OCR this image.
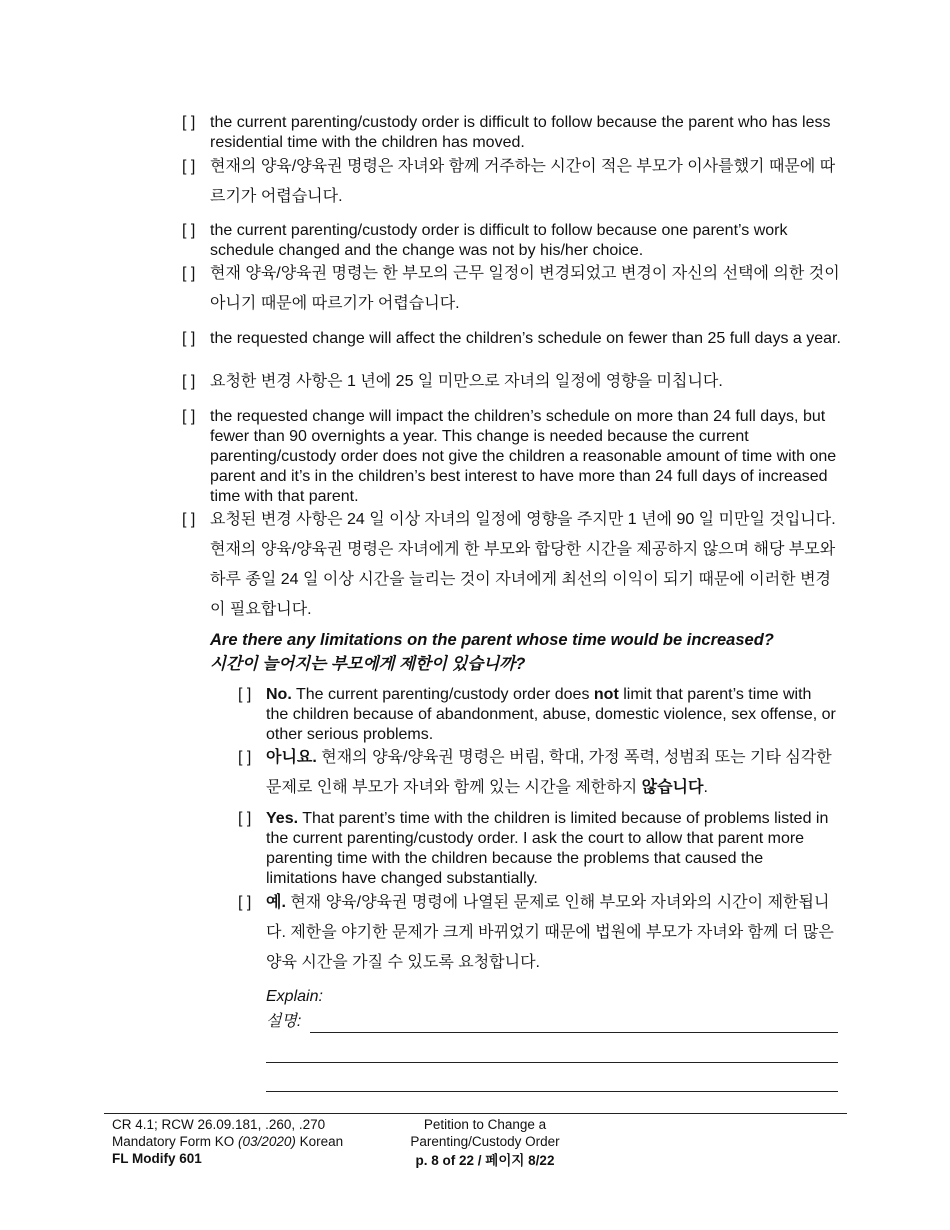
[ ] the current parenting/custody order is difficult to follow because the parent who has less residential time with the children has moved.
[ ] 현재의 양육/양육권 명령은 자녀와 함께 거주하는 시간이 적은 부모가 이사를했기 때문에 따르기가 어렵습니다.
[ ] the current parenting/custody order is difficult to follow because one parent’s work schedule changed and the change was not by his/her choice.
[ ] 현재 양육/양육권 명령는 한 부모의 근무 일정이 변경되었고 변경이 자신의 선택에 의한 것이 아니기 때문에 따르기가 어렵습니다.
[ ] the requested change will affect the children’s schedule on fewer than 25 full days a year.
[ ] 요청한 변경 사항은 1 년에 25 일 미만으로 자녀의 일정에 영향을 미칩니다.
[ ] the requested change will impact the children’s schedule on more than 24 full days, but fewer than 90 overnights a year. This change is needed because the current parenting/custody order does not give the children a reasonable amount of time with one parent and it’s in the children’s best interest to have more than 24 full days of increased time with that parent.
[ ] 요청된 변경 사항은 24 일 이상 자녀의 일정에 영향을 주지만 1 년에 90 일 미만일 것입니다. 현재의 양육/양육권 명령은 자녀에게 한 부모와 합당한 시간을 제공하지 않으며 해당 부모와 하루 종일 24 일 이상 시간을 늘리는 것이 자녀에게 최선의 이익이 되기 때문에 이러한 변경이 필요합니다.
Are there any limitations on the parent whose time would be increased?
시간이 늘어지는 부모에게 제한이 있습니까?
[ ] No. The current parenting/custody order does not limit that parent’s time with the children because of abandonment, abuse, domestic violence, sex offense, or other serious problems.
[ ] 아니요. 현재의 양육/양육권 명령은 버림, 학대, 가정 폭력, 성범죄 또는 기타 심각한 문제로 인해 부모가 자녀와 함께 있는 시간을 제한하지 않습니다.
[ ] Yes. That parent’s time with the children is limited because of problems listed in the current parenting/custody order. I ask the court to allow that parent more parenting time with the children because the problems that caused the limitations have changed substantially.
[ ] 예. 현재 양육/양육권 명령에 나열된 문제로 인해 부모와 자녀와의 시간이 제한됩니다. 제한을 야기한 문제가 크게 바뀌었기 때문에 법원에 부모가 자녀와 함께 더 많은 양육 시간을 가질 수 있도록 요청합니다.
Explain:
설명:
CR 4.1; RCW 26.09.181, .260, .270
Mandatory Form KO (03/2020) Korean
FL Modify 601
Petition to Change a
Parenting/Custody Order
p. 8 of 22 / 페이지 8/22
